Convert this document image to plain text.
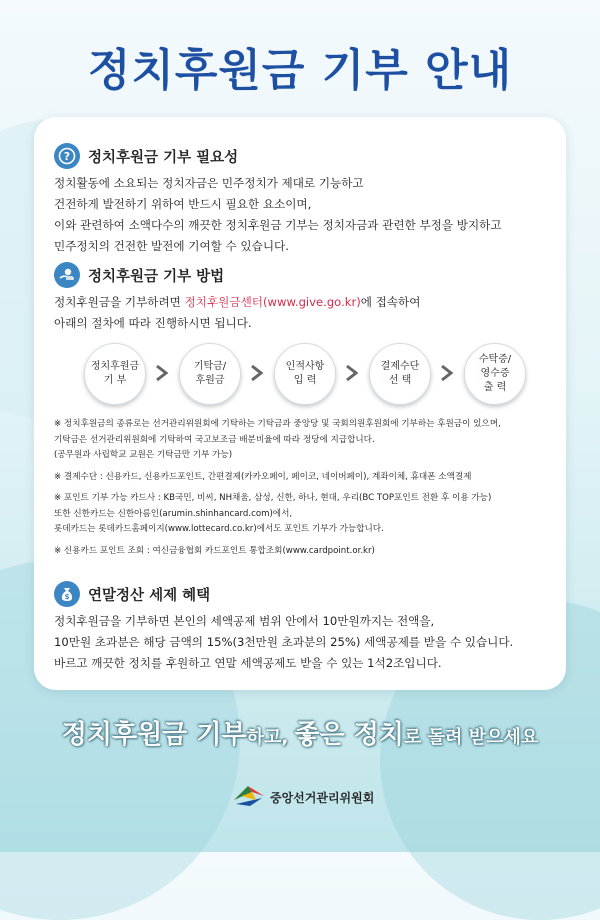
정치후원금 기부 안내
? 정치후원금 기부 필요성
정치활동에 소요되는 정치자금은 민주정치가 제대로 기능하고
건전하게 발전하기 위하여 반드시 필요한 요소이며,
이와 관련하여 소액다수의 깨끗한 정치후원금 기부는 정치자금과 관련한 부정을 방지하고
민주정치의 건전한 발전에 기여할 수 있습니다.
정치후원금 기부 방법
정치후원금을 기부하려면 정치후원금센터(www.give.go.kr)에 접속하여
아래의 절차에 따라 진행하시면 됩니다.
정치후원금
기 부
기탁금/
후원금
인적사항
입 력
결제수단
선 택
수탁증/
영수증
출 력
※ 정치후원금의 종류로는 선거관리위원회에 기탁하는 기탁금과 중앙당 및 국회의원후원회에 기부하는 후원금이 있으며,
기탁금은 선거관리위원회에 기탁하여 국고보조금 배분비율에 따라 정당에 지급합니다.
(공무원과 사립학교 교원은 기탁금만 기부 가능)
※ 결제수단 : 신용카드, 신용카드포인트, 간편결제(카카오페이, 페이코, 네이버페이), 계좌이체, 휴대폰 소액결제
※ 포인트 기부 가능 카드사 : KB국민, 비씨, NH채움, 삼성, 신한, 하나, 현대, 우리(BC TOP포인트 전환 후 이용 가능)
또한 신한카드는 신한아름인(arumin.shinhancard.com)에서,
롯데카드는 롯데카드홈페이지(www.lottecard.co.kr)에서도 포인트 기부가 가능합니다.
※ 신용카드 포인트 조회 : 여신금융협회 카드포인트 통합조회(www.cardpoint.or.kr)
$ 연말정산 세제 혜택
정치후원금을 기부하면 본인의 세액공제 범위 안에서 10만원까지는 전액을,
10만원 초과분은 해당 금액의 15%(3천만원 초과분의 25%) 세액공제를 받을 수 있습니다.
바르고 깨끗한 정치를 후원하고 연말 세액공제도 받을 수 있는 1석2조입니다.
정치후원금 기부하고, 좋은 정치로 돌려 받으세요
중앙선거관리위원회
